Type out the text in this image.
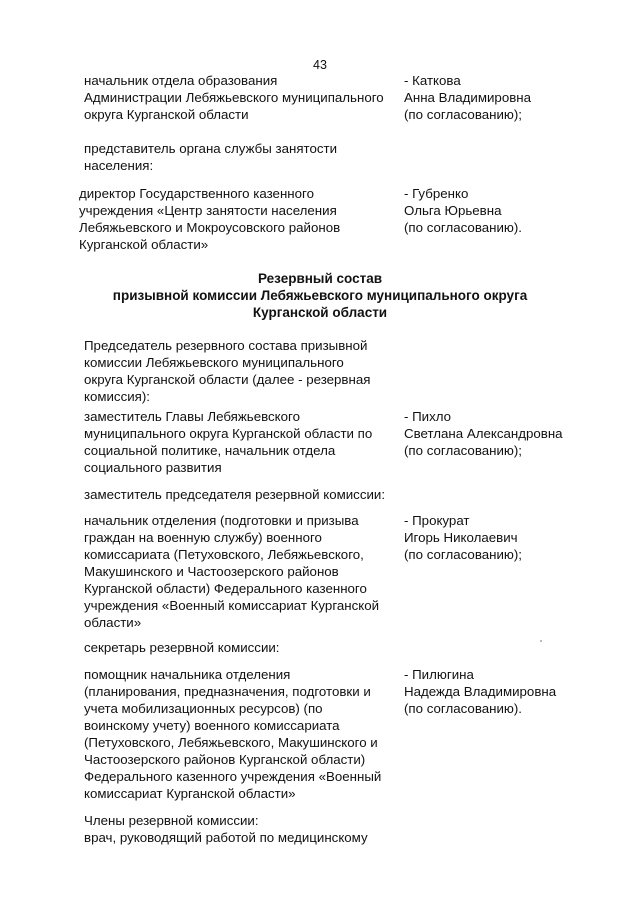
43
начальник отдела образования
Администрации Лебяжьевского муниципального
округа Курганской области
- Каткова
Анна Владимировна
(по согласованию);
представитель органа службы занятости
населения:
директор Государственного казенного
учреждения «Центр занятости населения
Лебяжьевского и Мокроусовского районов
Курганской области»
- Губренко
Ольга Юрьевна
(по согласованию).
Резервный состав
призывной комиссии Лебяжьевского муниципального округа
Курганской области
Председатель резервного состава призывной
комиссии Лебяжьевского муниципального
округа Курганской области (далее - резервная
комиссия):
заместитель Главы Лебяжьевского
муниципального округа Курганской области по
социальной политике, начальник отдела
социального развития
- Пихло
Светлана Александровна
(по согласованию);
заместитель председателя резервной комиссии:
начальник отделения (подготовки и призыва
граждан на военную службу) военного
комиссариата (Петуховского, Лебяжьевского,
Макушинского и Частоозерского районов
Курганской области) Федерального казенного
учреждения «Военный комиссариат Курганской
области»
- Прокурат
Игорь Николаевич
(по согласованию);
секретарь резервной комиссии:
помощник начальника отделения
(планирования, предназначения, подготовки и
учета мобилизационных ресурсов) (по
воинскому учету) военного комиссариата
(Петуховского, Лебяжьевского, Макушинского и
Частоозерского районов Курганской области)
Федерального казенного учреждения «Военный
комиссариат Курганской области»
- Пилюгина
Надежда Владимировна
(по согласованию).
Члены резервной комиссии:
врач, руководящий работой по медицинскому
